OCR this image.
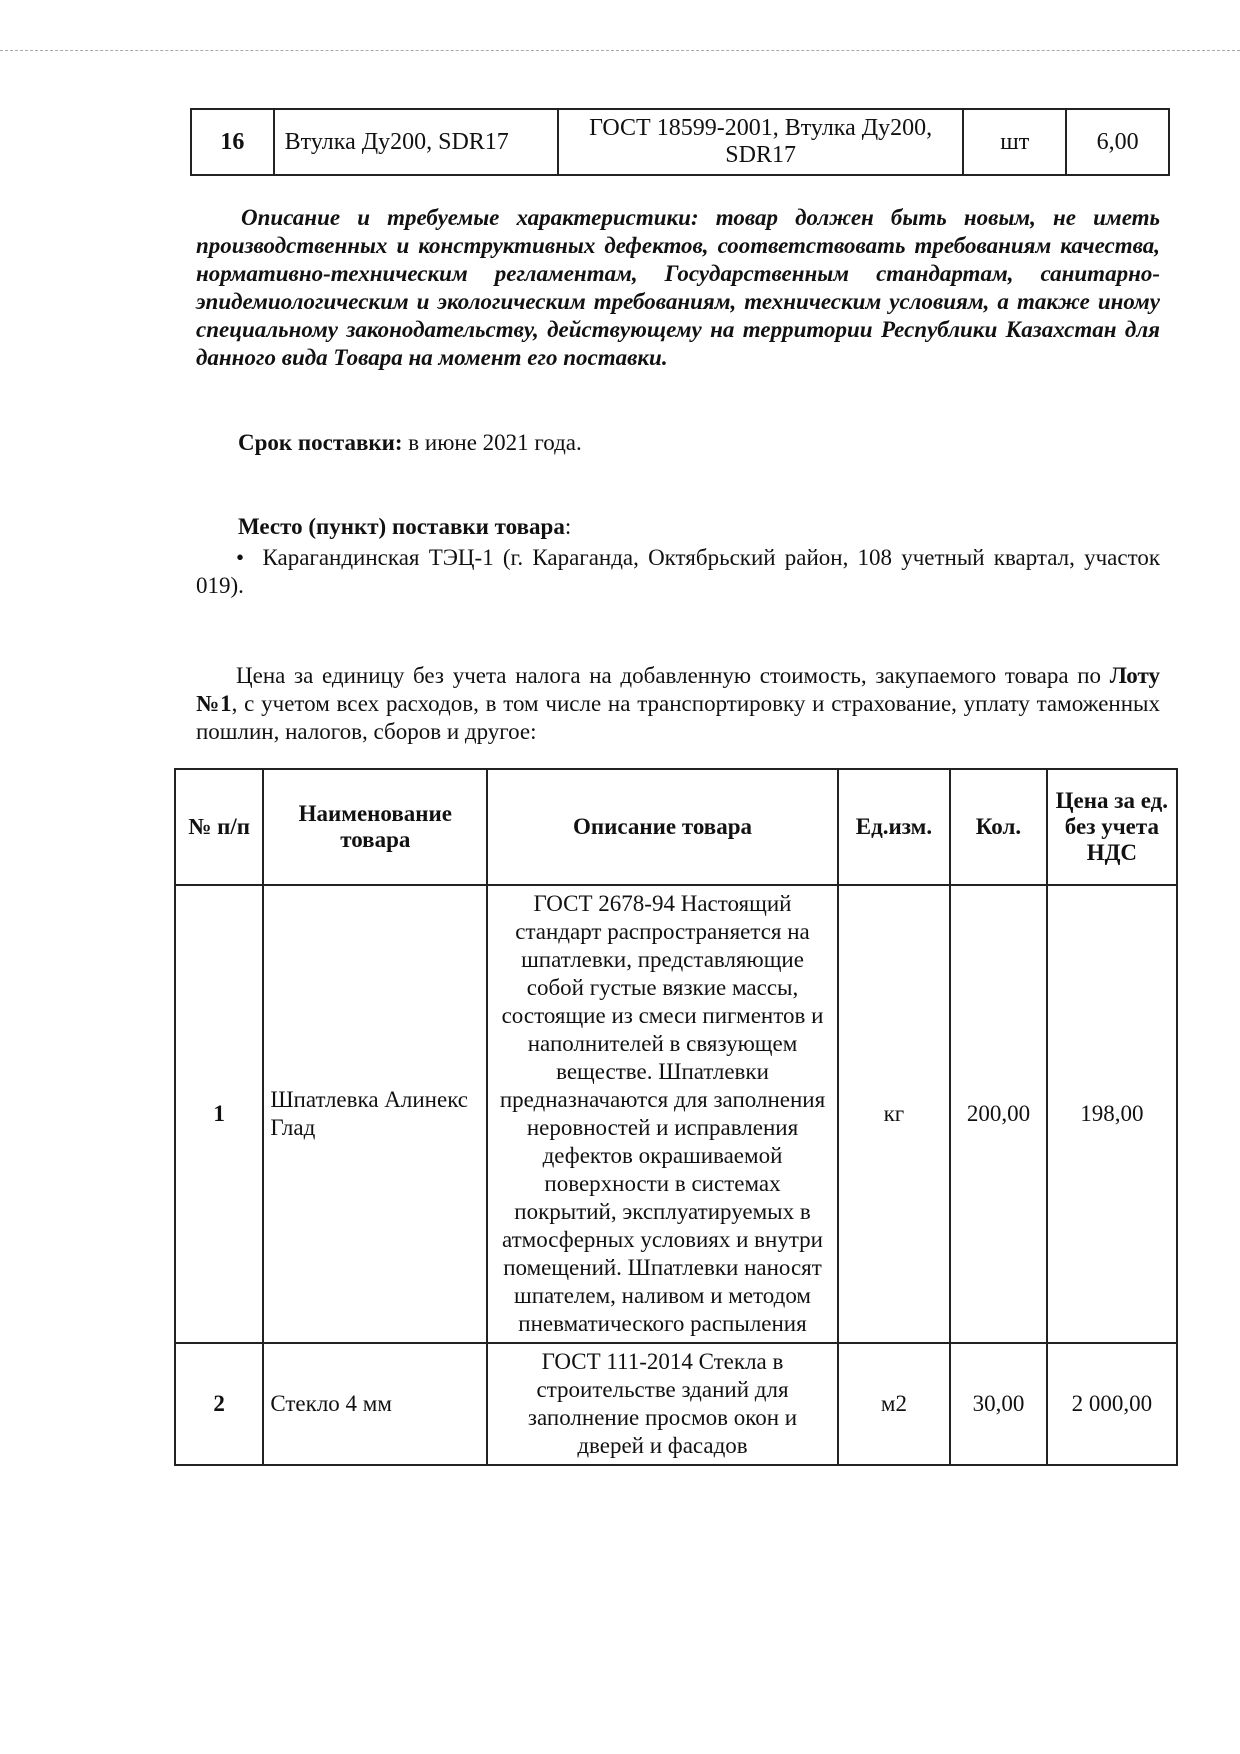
16	Втулка Ду200, SDR17	ГОСТ 18599-2001, Втулка Ду200, SDR17	шт	6,00
Описание и требуемые характеристики: товар должен быть новым, не иметь производственных и конструктивных дефектов, соответствовать требованиям качества, нормативно-техническим регламентам, Государственным стандартам, санитарно-эпидемиологическим и экологическим требованиям, техническим условиям, а также иному специальному законодательству, действующему на территории Республики Казахстан для данного вида Товара на момент его поставки.
Срок поставки: в июне 2021 года.
Место (пункт) поставки товара:
• Карагандинская ТЭЦ-1 (г. Караганда, Октябрьский район, 108 учетный квартал, участок 019).
Цена за единицу без учета налога на добавленную стоимость, закупаемого товара по Лоту №1, с учетом всех расходов, в том числе на транспортировку и страхование, уплату таможенных пошлин, налогов, сборов и другое:
№ п/п	Наименование товара	Описание товара	Ед.изм.	Кол.	Цена за ед. без учета НДС
1	Шпатлевка Алинекс Глад	ГОСТ 2678-94 Настоящий стандарт распространяется на шпатлевки, представляющие собой густые вязкие массы, состоящие из смеси пигментов и наполнителей в связующем веществе. Шпатлевки предназначаются для заполнения неровностей и исправления дефектов окрашиваемой поверхности в системах покрытий, эксплуатируемых в атмосферных условиях и внутри помещений. Шпатлевки наносят шпателем, наливом и методом пневматического распыления	кг	200,00	198,00
2	Стекло 4 мм	ГОСТ 111-2014 Стекла в строительстве зданий для заполнение просмов окон и дверей и фасадов	м2	30,00	2 000,00
